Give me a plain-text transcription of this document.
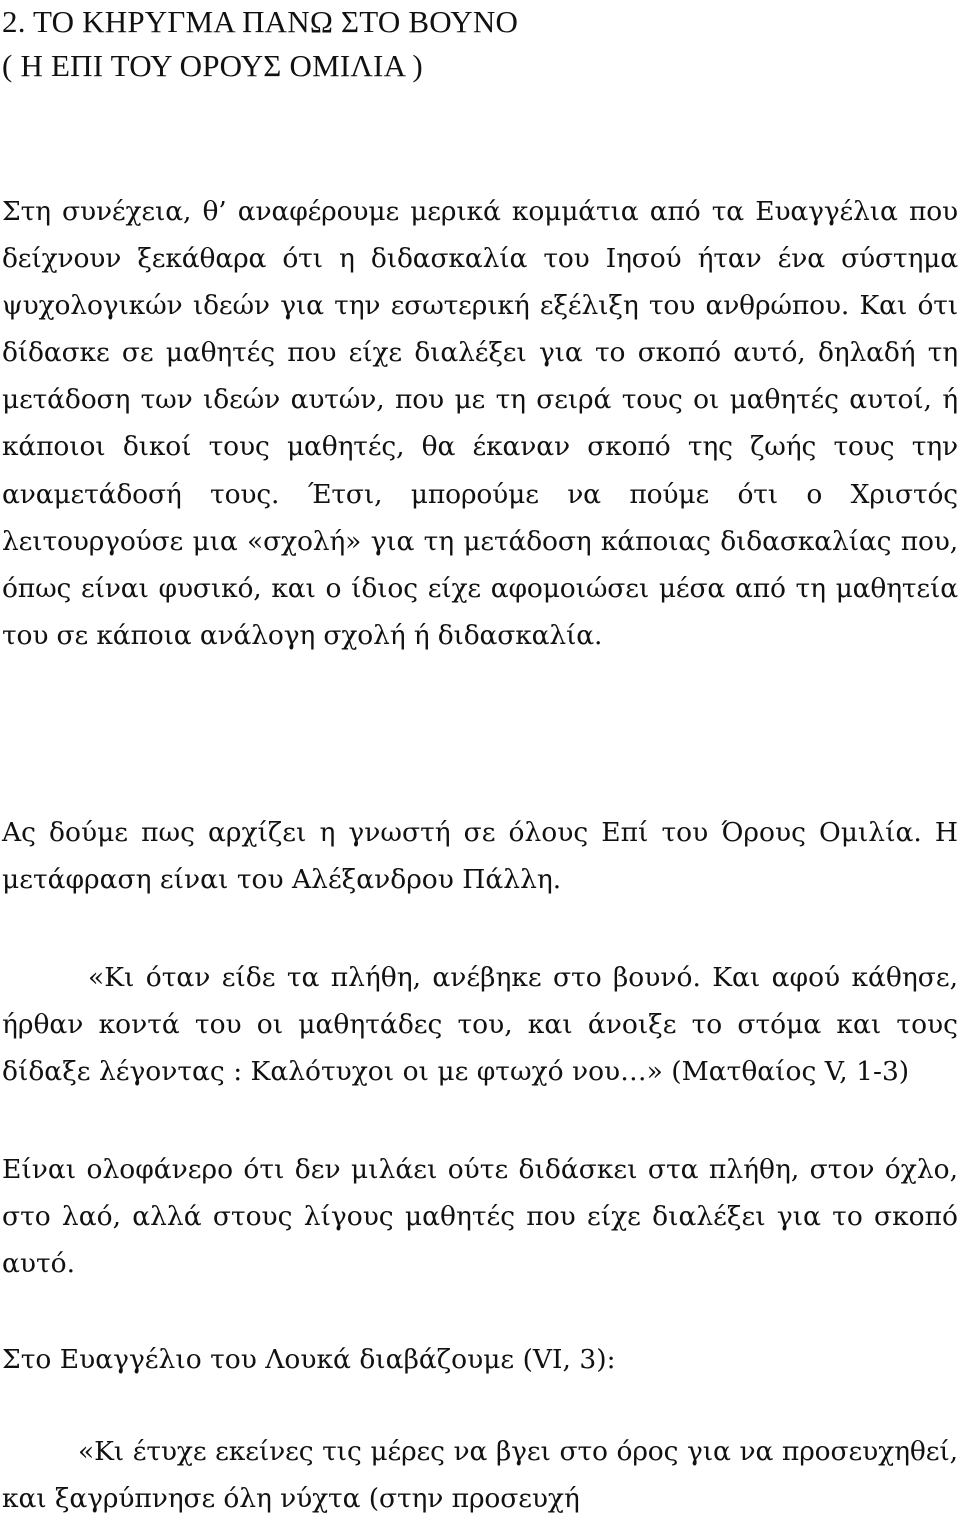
2. ΤΟ ΚΗΡΥΓΜΑ ΠΑΝΩ ΣΤΟ ΒΟΥΝΟ
( Η ΕΠΙ ΤΟΥ ΟΡΟΥΣ ΟΜΙΛΙΑ )

Στη συνέχεια, θ’ αναφέρουμε μερικά κομμάτια από τα Ευαγγέλια που δείχνουν ξεκάθαρα ότι η διδασκαλία του Ιησού ήταν ένα σύστημα ψυχολογικών ιδεών για την εσωτερική εξέλιξη του ανθρώπου. Και ότι δίδασκε σε μαθητές που είχε διαλέξει για το σκοπό αυτό, δηλαδή τη μετάδοση των ιδεών αυτών, που με τη σειρά τους οι μαθητές αυτοί, ή κάποιοι δικοί τους μαθητές, θα έκαναν σκοπό της ζωής τους την αναμετάδοσή τους. Έτσι, μπορούμε να πούμε ότι ο Χριστός λειτουργούσε μια «σχολή» για τη μετάδοση κάποιας διδασκαλίας που, όπως είναι φυσικό, και ο ίδιος είχε αφομοιώσει μέσα από τη μαθητεία του σε κάποια ανάλογη σχολή ή διδασκαλία.

Ας δούμε πως αρχίζει η γνωστή σε όλους Επί του Όρους Ομιλία. Η μετάφραση είναι του Αλέξανδρου Πάλλη.

«Κι όταν είδε τα πλήθη, ανέβηκε στο βουνό. Και αφού κάθησε, ήρθαν κοντά του οι μαθητάδες του, και άνοιξε το στόμα και τους δίδαξε λέγοντας : Καλότυχοι οι με φτωχό νου…» (Ματθαίος V, 1-3)

Είναι ολοφάνερο ότι δεν μιλάει ούτε διδάσκει στα πλήθη, στον όχλο, στο λαό, αλλά στους λίγους μαθητές που είχε διαλέξει για το σκοπό αυτό.

Στο Ευαγγέλιο του Λουκά διαβάζουμε (VI, 3):

«Κι έτυχε εκείνες τις μέρες να βγει στο όρος για να προσευχηθεί, και ξαγρύπνησε όλη νύχτα (στην προσευχή
